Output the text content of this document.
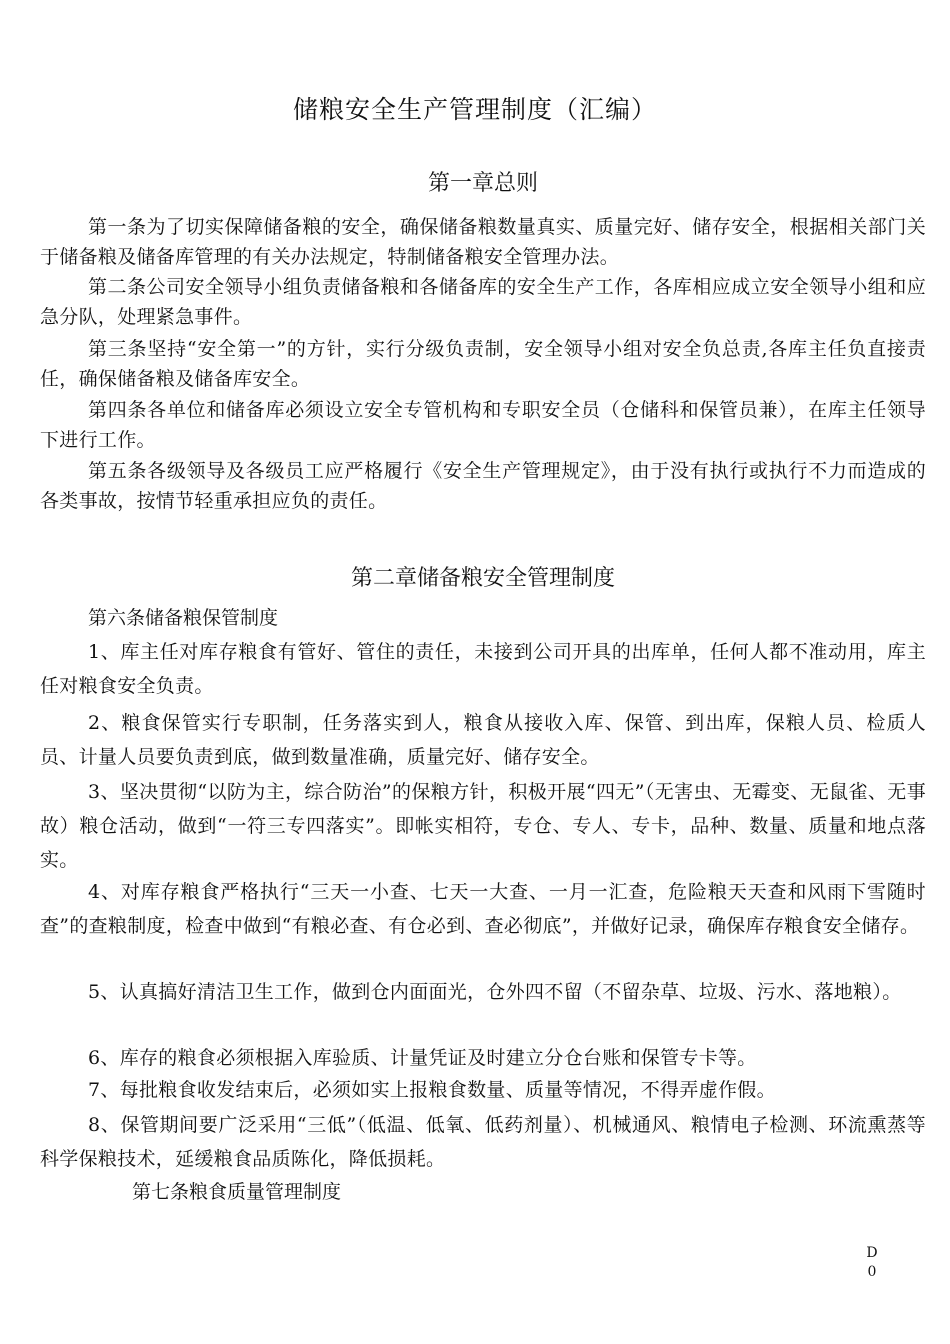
储粮安全生产管理制度（汇编）
第一章总则

第一条为了切实保障储备粮的安全，确保储备粮数量真实、质量完好、储存安全，根据相关部门关于储备粮及储备库管理的有关办法规定，特制储备粮安全管理办法。

第二条公司安全领导小组负责储备粮和各储备库的安全生产工作，各库相应成立安全领导小组和应急分队，处理紧急事件。

第三条坚持“安全第一”的方针，实行分级负责制，安全领导小组对安全负总责,各库主任负直接责任，确保储备粮及储备库安全。

第四条各单位和储备库必须设立安全专管机构和专职安全员（仓储科和保管员兼），在库主任领导下进行工作。

第五条各级领导及各级员工应严格履行《安全生产管理规定》，由于没有执行或执行不力而造成的各类事故，按情节轻重承担应负的责任。

第二章储备粮安全管理制度

第六条储备粮保管制度

1、库主任对库存粮食有管好、管住的责任，未接到公司开具的出库单，任何人都不准动用，库主任对粮食安全负责。

2、粮食保管实行专职制，任务落实到人，粮食从接收入库、保管、到出库，保粮人员、检质人员、计量人员要负责到底，做到数量准确，质量完好、储存安全。

3、坚决贯彻“以防为主，综合防治”的保粮方针，积极开展“四无”（无害虫、无霉变、无鼠雀、无事故）粮仓活动，做到“一符三专四落实”。即帐实相符，专仓、专人、专卡，品种、数量、质量和地点落实。

4、对库存粮食严格执行“三天一小查、七天一大查、一月一汇查，危险粮天天查和风雨下雪随时查”的查粮制度，检查中做到“有粮必查、有仓必到、查必彻底”，并做好记录，确保库存粮食安全储存。

5、认真搞好清洁卫生工作，做到仓内面面光，仓外四不留（不留杂草、垃圾、污水、落地粮）。

6、库存的粮食必须根据入库验质、计量凭证及时建立分仓台账和保管专卡等。

7、每批粮食收发结束后，必须如实上报粮食数量、质量等情况，不得弄虚作假。

8、保管期间要广泛采用“三低”（低温、低氧、低药剂量）、机械通风、粮情电子检测、环流熏蒸等科学保粮技术，延缓粮食品质陈化，降低损耗。

第七条粮食质量管理制度

D
0
